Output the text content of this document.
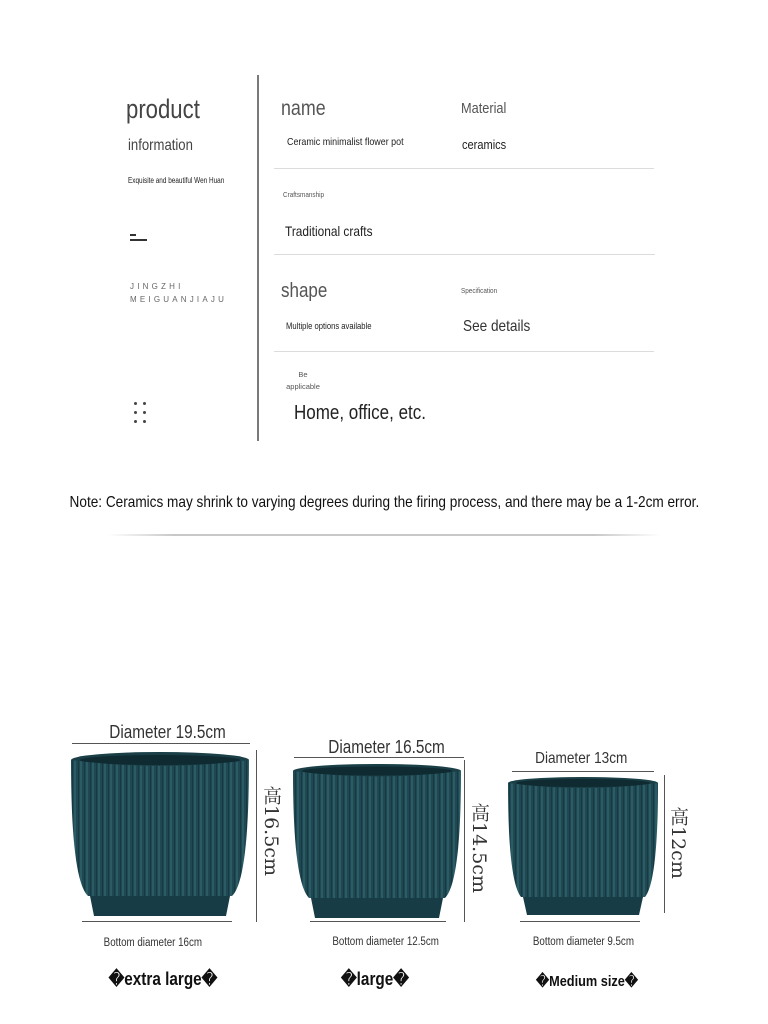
product
information
Exquisite and beautiful Wen Huan
JINGZHI
MEIGUANJIAJU
name	Material
Ceramic minimalist flower pot	ceramics
Craftsmanship
Traditional crafts
shape	Specification
Multiple options available	See details
Be
applicable
Home, office, etc.
Note: Ceramics may shrink to varying degrees during the firing process, and there may be a 1-2cm error.
Diameter 19.5cm
高16.5cm
Bottom diameter 16cm
�extra large�
Diameter 16.5cm
高14.5cm
Bottom diameter 12.5cm
�large�
Diameter 13cm
高12cm
Bottom diameter 9.5cm
�Medium size�
